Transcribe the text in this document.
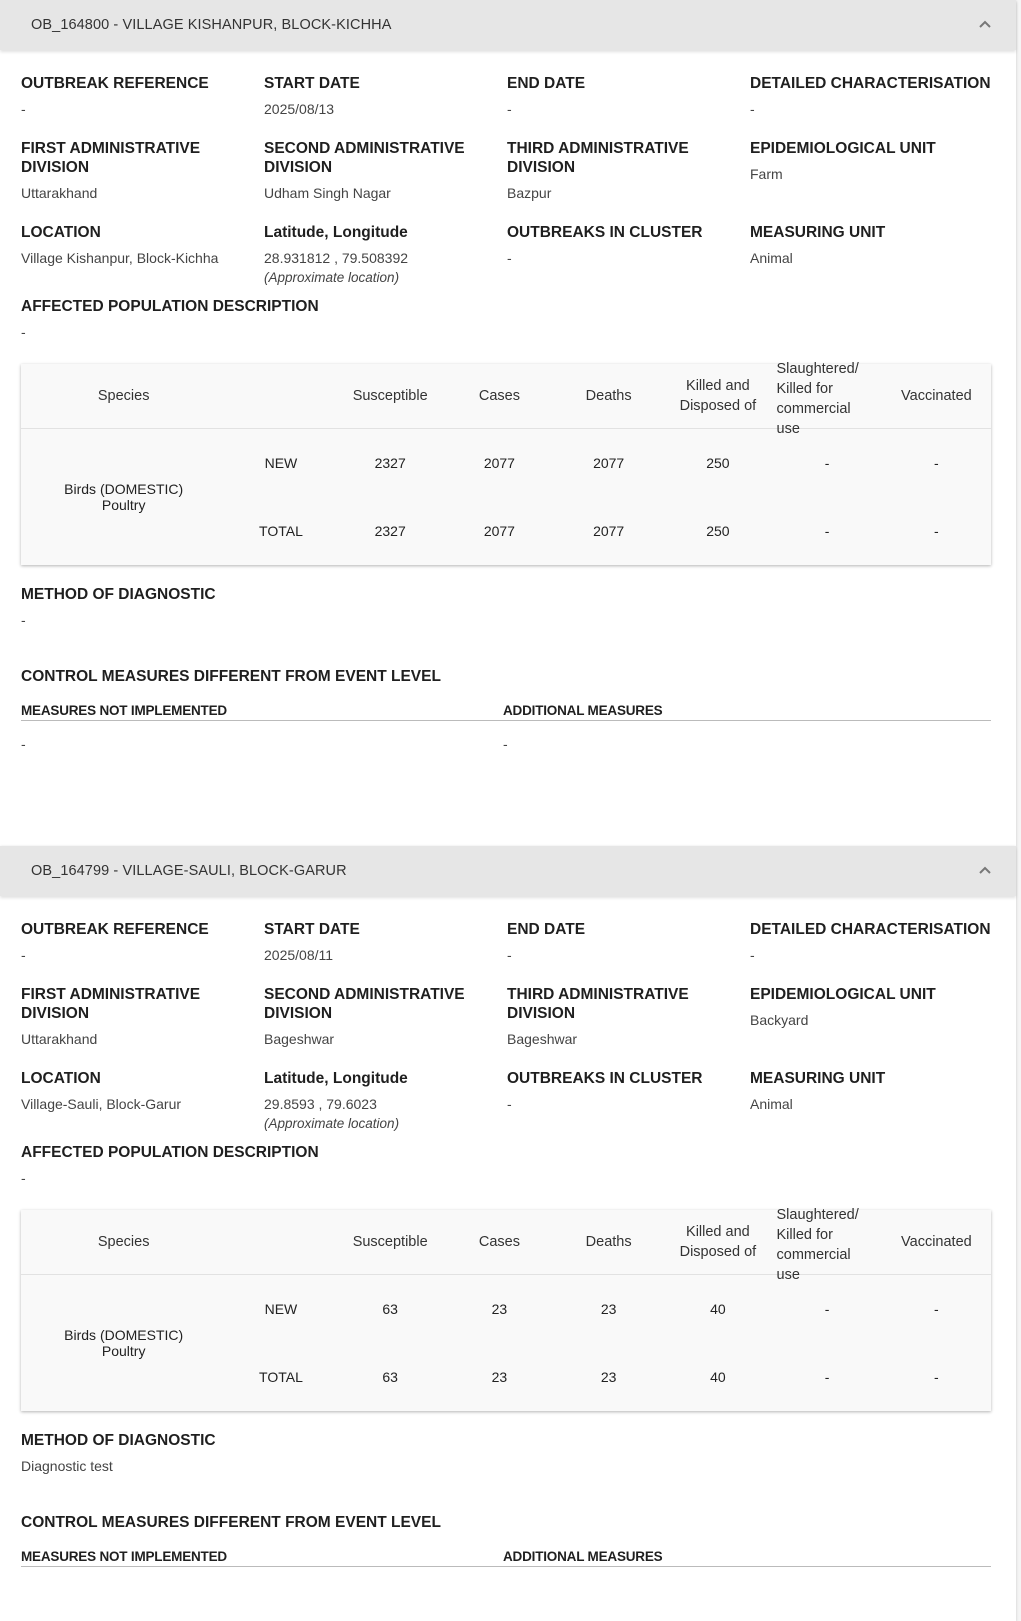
OB_164800 - VILLAGE KISHANPUR, BLOCK-KICHHA
OUTBREAK REFERENCE
-
START DATE
2025/08/13
END DATE
-
DETAILED CHARACTERISATION
-
FIRST ADMINISTRATIVE DIVISION
Uttarakhand
SECOND ADMINISTRATIVE DIVISION
Udham Singh Nagar
THIRD ADMINISTRATIVE DIVISION
Bazpur
EPIDEMIOLOGICAL UNIT
Farm
LOCATION
Village Kishanpur, Block-Kichha
Latitude, Longitude
28.931812 , 79.508392
(Approximate location)
OUTBREAKS IN CLUSTER
-
MEASURING UNIT
Animal
AFFECTED POPULATION DESCRIPTION
-
Species		Susceptible	Cases	Deaths	Killed and Disposed of	Slaughtered/ Killed for commercial use	Vaccinated

Birds (DOMESTIC)
Poultry	NEW	2327	2077	2077	250	-	-
	TOTAL	2327	2077	2077	250	-	-
METHOD OF DIAGNOSTIC
-
CONTROL MEASURES DIFFERENT FROM EVENT LEVEL
MEASURES NOT IMPLEMENTED	ADDITIONAL MEASURES
-	-
OB_164799 - VILLAGE-SAULI, BLOCK-GARUR
OUTBREAK REFERENCE
-
START DATE
2025/08/11
END DATE
-
DETAILED CHARACTERISATION
-
FIRST ADMINISTRATIVE DIVISION
Uttarakhand
SECOND ADMINISTRATIVE DIVISION
Bageshwar
THIRD ADMINISTRATIVE DIVISION
Bageshwar
EPIDEMIOLOGICAL UNIT
Backyard
LOCATION
Village-Sauli, Block-Garur
Latitude, Longitude
29.8593 , 79.6023
(Approximate location)
OUTBREAKS IN CLUSTER
-
MEASURING UNIT
Animal
AFFECTED POPULATION DESCRIPTION
-
Species		Susceptible	Cases	Deaths	Killed and Disposed of	Slaughtered/ Killed for commercial use	Vaccinated

Birds (DOMESTIC)
Poultry	NEW	63	23	23	40	-	-
	TOTAL	63	23	23	40	-	-
METHOD OF DIAGNOSTIC
Diagnostic test
CONTROL MEASURES DIFFERENT FROM EVENT LEVEL
MEASURES NOT IMPLEMENTED	ADDITIONAL MEASURES
